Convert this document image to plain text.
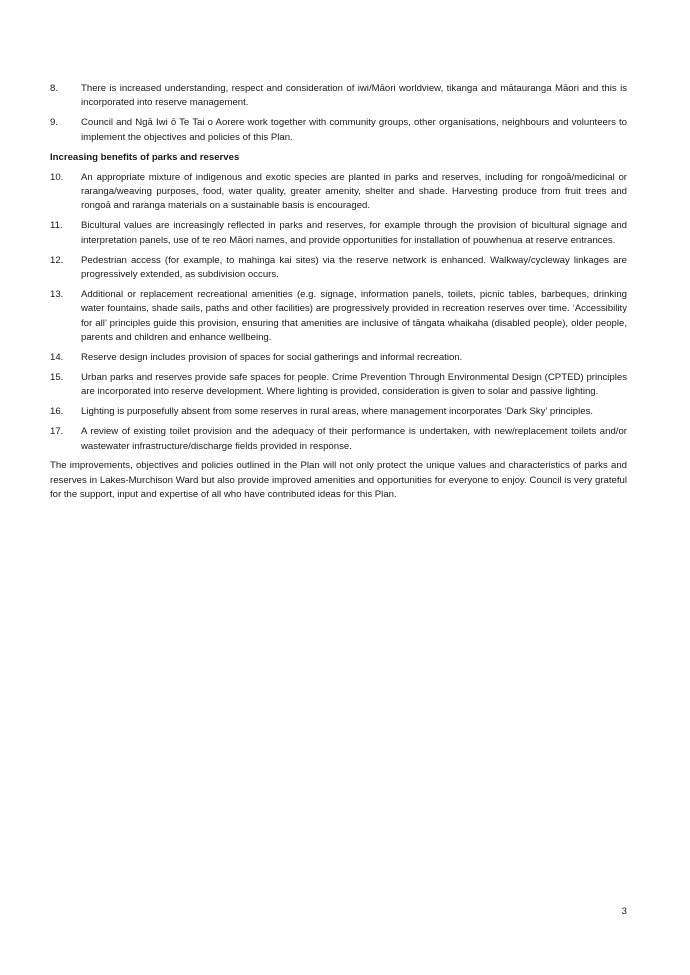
8.	There is increased understanding, respect and consideration of iwi/Māori worldview, tikanga and mātauranga Māori and this is incorporated into reserve management.
9.	Council and Ngā Iwi ō Te Tai o Aorere work together with community groups, other organisations, neighbours and volunteers to implement the objectives and policies of this Plan.
Increasing benefits of parks and reserves
10.	An appropriate mixture of indigenous and exotic species are planted in parks and reserves, including for rongoā/medicinal or raranga/weaving purposes, food, water quality, greater amenity, shelter and shade. Harvesting produce from fruit trees and rongoā and raranga materials on a sustainable basis is encouraged.
11.	Bicultural values are increasingly reflected in parks and reserves, for example through the provision of bicultural signage and interpretation panels, use of te reo Māori names, and provide opportunities for installation of pouwhenua at reserve entrances.
12.	Pedestrian access (for example, to mahinga kai sites) via the reserve network is enhanced. Walkway/cycleway linkages are progressively extended, as subdivision occurs.
13.	Additional or replacement recreational amenities (e.g. signage, information panels, toilets, picnic tables, barbeques, drinking water fountains, shade sails, paths and other facilities) are progressively provided in recreation reserves over time. ‘Accessibility for all’ principles guide this provision, ensuring that amenities are inclusive of tāngata whaikaha (disabled people), older people, parents and children and enhance wellbeing.
14.	Reserve design includes provision of spaces for social gatherings and informal recreation.
15.	Urban parks and reserves provide safe spaces for people. Crime Prevention Through Environmental Design (CPTED) principles are incorporated into reserve development. Where lighting is provided, consideration is given to solar and passive lighting.
16.	Lighting is purposefully absent from some reserves in rural areas, where management incorporates ‘Dark Sky’ principles.
17.	A review of existing toilet provision and the adequacy of their performance is undertaken, with new/replacement toilets and/or wastewater infrastructure/discharge fields provided in response.

The improvements, objectives and policies outlined in the Plan will not only protect the unique values and characteristics of parks and reserves in Lakes-Murchison Ward but also provide improved amenities and opportunities for everyone to enjoy. Council is very grateful for the support, input and expertise of all who have contributed ideas for this Plan.

3
